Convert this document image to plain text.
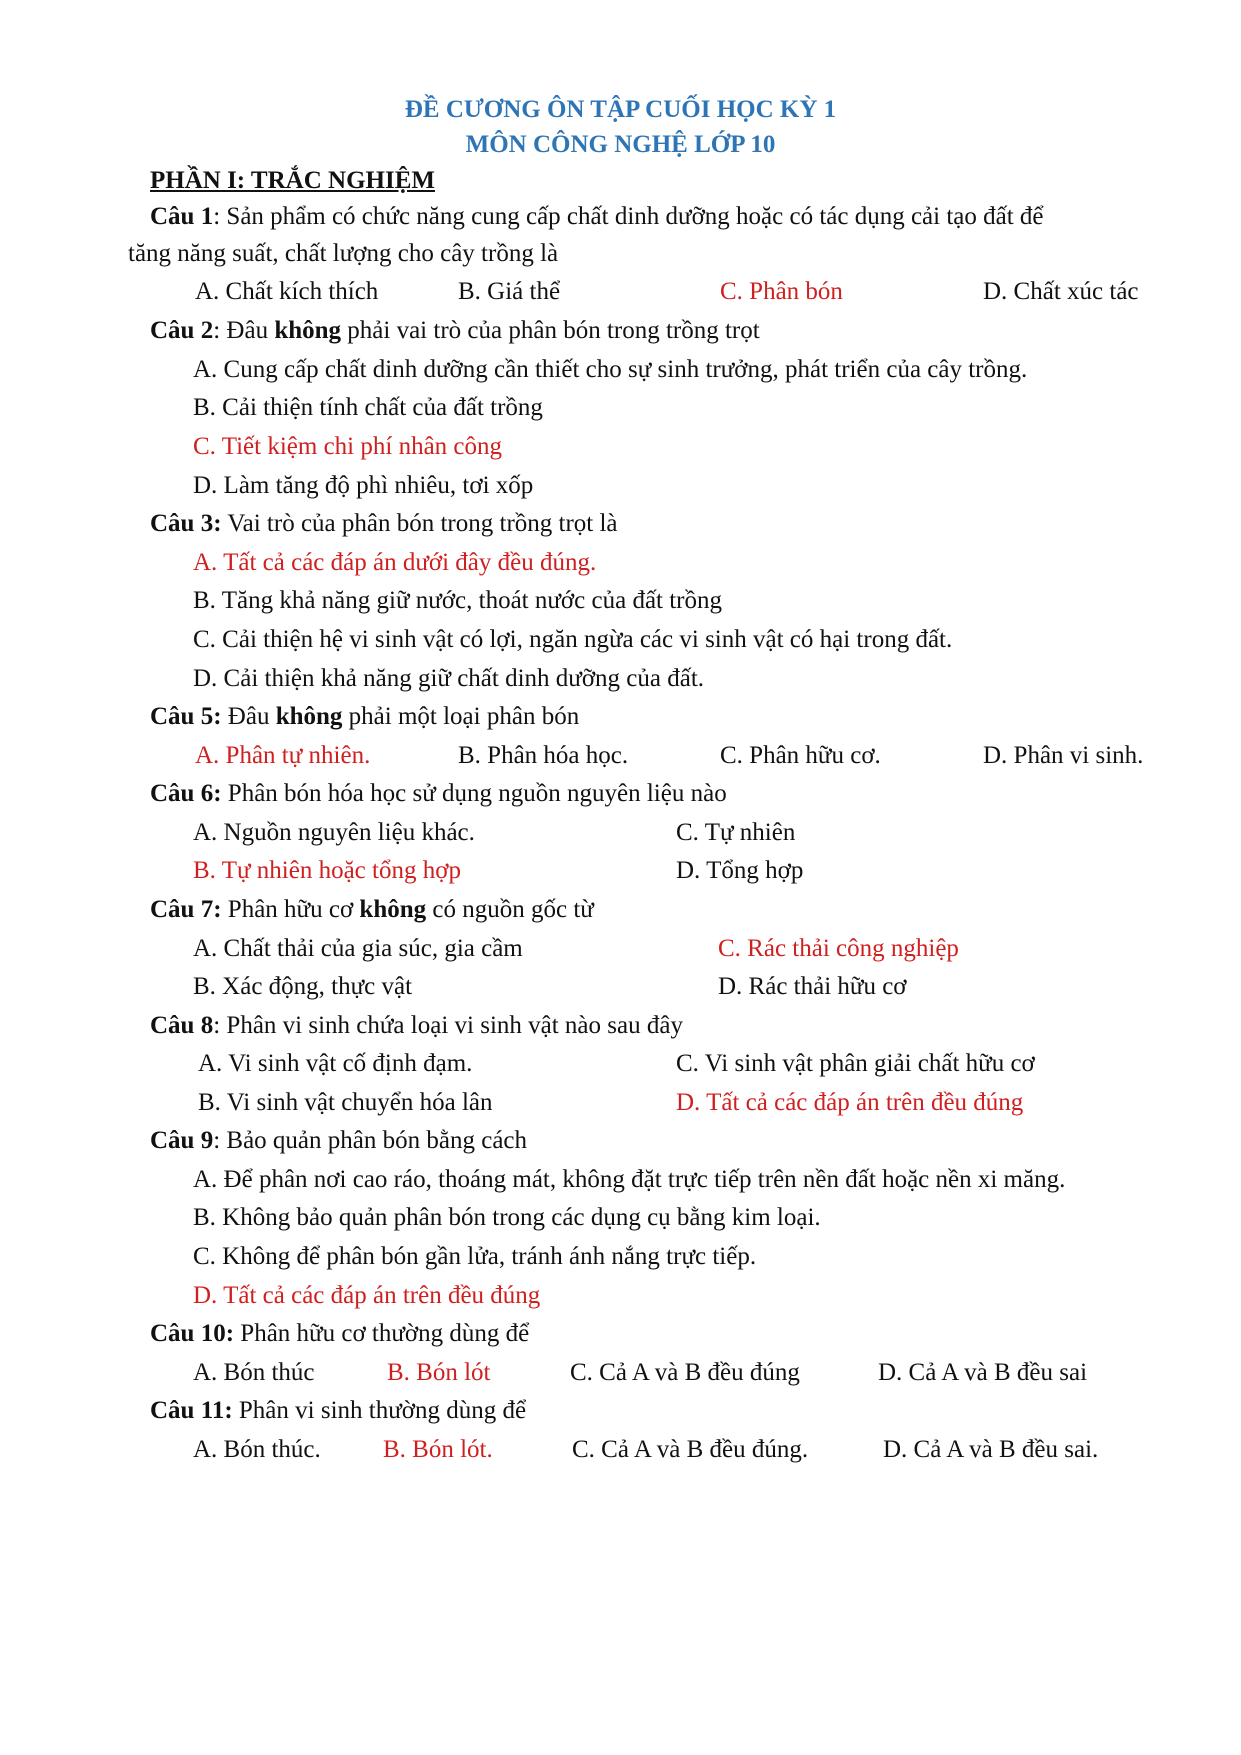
ĐỀ CƯƠNG ÔN TẬP CUỐI HỌC KỲ 1
MÔN CÔNG NGHỆ LỚP 10
PHẦN I: TRẮC NGHIỆM
Câu 1: Sản phẩm có chức năng cung cấp chất dinh dưỡng hoặc có tác dụng cải tạo đất để
tăng năng suất, chất lượng cho cây trồng là
A. Chất kích thích	B. Giá thể	C. Phân bón	D. Chất xúc tác
Câu 2: Đâu không phải vai trò của phân bón trong trồng trọt
A. Cung cấp chất dinh dưỡng cần thiết cho sự sinh trưởng, phát triển của cây trồng.
B. Cải thiện tính chất của đất trồng
C. Tiết kiệm chi phí nhân công
D. Làm tăng độ phì nhiêu, tơi xốp
Câu 3: Vai trò của phân bón trong trồng trọt là
A. Tất cả các đáp án dưới đây đều đúng.
B. Tăng khả năng giữ nước, thoát nước của đất trồng
C. Cải thiện hệ vi sinh vật có lợi, ngăn ngừa các vi sinh vật có hại trong đất.
D. Cải thiện khả năng giữ chất dinh dưỡng của đất.
Câu 5: Đâu không phải một loại phân bón
A. Phân tự nhiên.	B. Phân hóa học.	C. Phân hữu cơ.	D. Phân vi sinh.
Câu 6: Phân bón hóa học sử dụng nguồn nguyên liệu nào
A. Nguồn nguyên liệu khác.	C. Tự nhiên
B. Tự nhiên hoặc tổng hợp	D. Tổng hợp
Câu 7: Phân hữu cơ không có nguồn gốc từ
A. Chất thải của gia súc, gia cầm	C. Rác thải công nghiệp
B. Xác động, thực vật	D. Rác thải hữu cơ
Câu 8: Phân vi sinh chứa loại vi sinh vật nào sau đây
A. Vi sinh vật cố định đạm.	C. Vi sinh vật phân giải chất hữu cơ
B. Vi sinh vật chuyển hóa lân	D. Tất cả các đáp án trên đều đúng
Câu 9: Bảo quản phân bón bằng cách
A. Để phân nơi cao ráo, thoáng mát, không đặt trực tiếp trên nền đất hoặc nền xi măng.
B. Không bảo quản phân bón trong các dụng cụ bằng kim loại.
C. Không để phân bón gần lửa, tránh ánh nắng trực tiếp.
D. Tất cả các đáp án trên đều đúng
Câu 10: Phân hữu cơ thường dùng để
A. Bón thúc	B. Bón lót	C. Cả A và B đều đúng	D. Cả A và B đều sai
Câu 11: Phân vi sinh thường dùng để
A. Bón thúc. B. Bón lót.	C. Cả A và B đều đúng.	D. Cả A và B đều sai.
